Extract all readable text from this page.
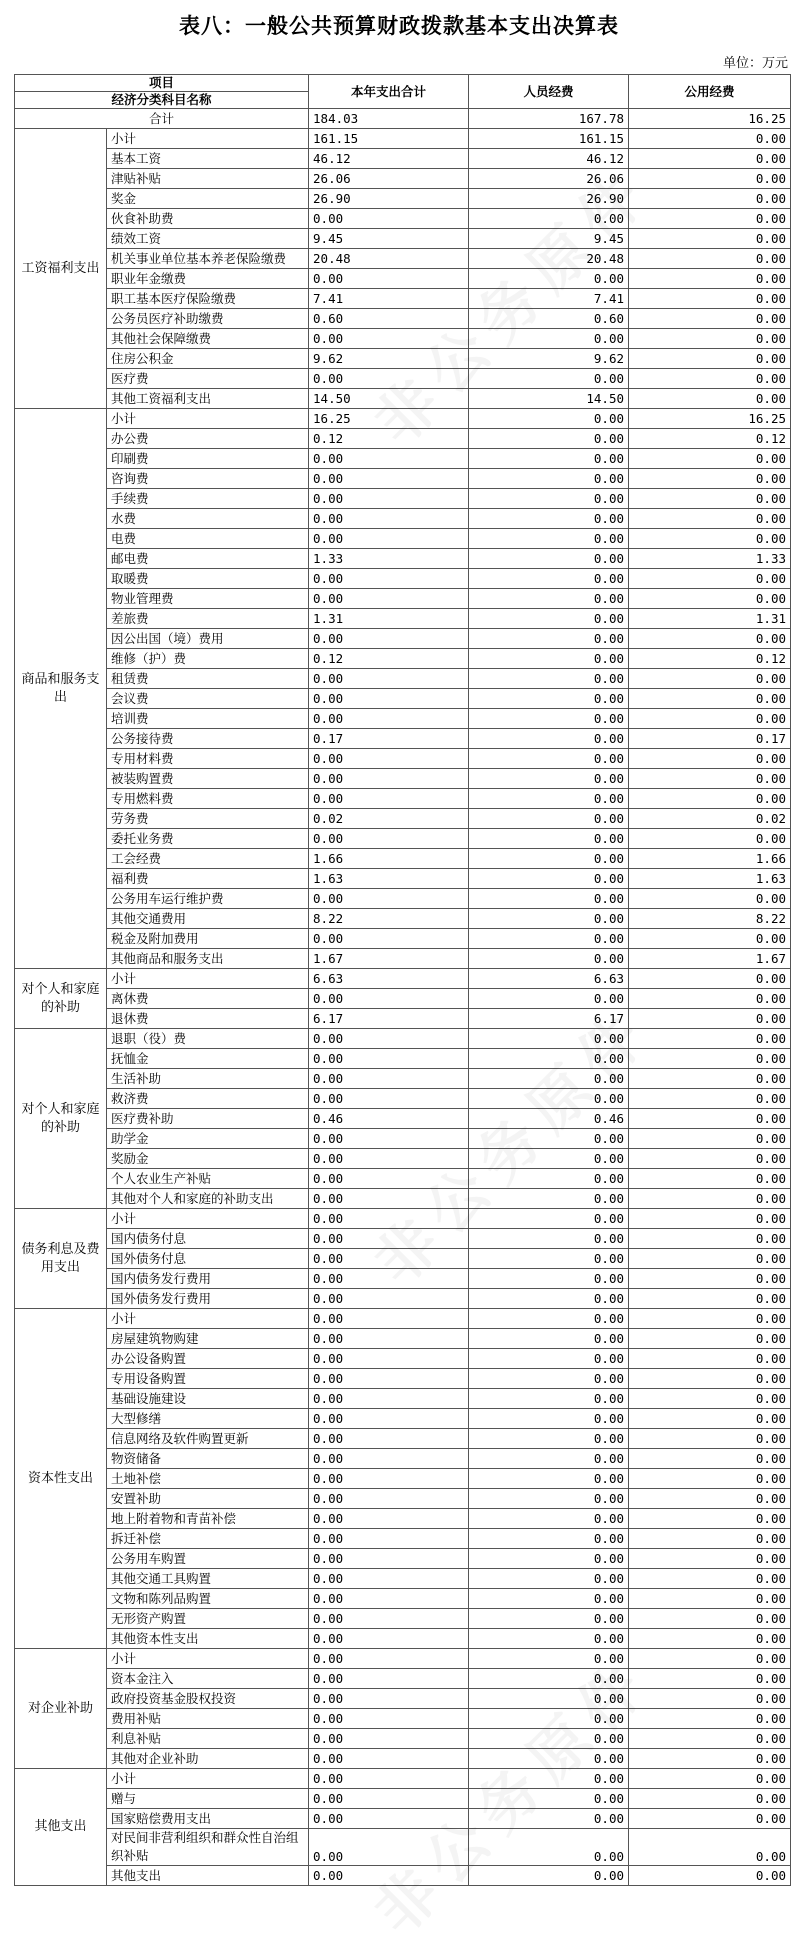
表八：一般公共预算财政拨款基本支出决算表
单位：万元
项目		本年支出合计	人员经费	公用经费
经济分类科目名称				
合计		184.03	167.78	16.25
工资福利支出	小计	161.15	161.15	0.00
	基本工资	46.12	46.12	0.00
	津贴补贴	26.06	26.06	0.00
	奖金	26.90	26.90	0.00
	伙食补助费	0.00	0.00	0.00
	绩效工资	9.45	9.45	0.00
	机关事业单位基本养老保险缴费	20.48	20.48	0.00
	职业年金缴费	0.00	0.00	0.00
	职工基本医疗保险缴费	7.41	7.41	0.00
	公务员医疗补助缴费	0.60	0.60	0.00
	其他社会保障缴费	0.00	0.00	0.00
	住房公积金	9.62	9.62	0.00
	医疗费	0.00	0.00	0.00
	其他工资福利支出	14.50	14.50	0.00
商品和服务支出	小计	16.25	0.00	16.25
	办公费	0.12	0.00	0.12
	印刷费	0.00	0.00	0.00
	咨询费	0.00	0.00	0.00
	手续费	0.00	0.00	0.00
	水费	0.00	0.00	0.00
	电费	0.00	0.00	0.00
	邮电费	1.33	0.00	1.33
	取暖费	0.00	0.00	0.00
	物业管理费	0.00	0.00	0.00
	差旅费	1.31	0.00	1.31
	因公出国（境）费用	0.00	0.00	0.00
	维修（护）费	0.12	0.00	0.12
	租赁费	0.00	0.00	0.00
	会议费	0.00	0.00	0.00
	培训费	0.00	0.00	0.00
	公务接待费	0.17	0.00	0.17
	专用材料费	0.00	0.00	0.00
	被装购置费	0.00	0.00	0.00
	专用燃料费	0.00	0.00	0.00
	劳务费	0.02	0.00	0.02
	委托业务费	0.00	0.00	0.00
	工会经费	1.66	0.00	1.66
	福利费	1.63	0.00	1.63
	公务用车运行维护费	0.00	0.00	0.00
	其他交通费用	8.22	0.00	8.22
	税金及附加费用	0.00	0.00	0.00
	其他商品和服务支出	1.67	0.00	1.67
对个人和家庭的补助	小计	6.63	6.63	0.00
	离休费	0.00	0.00	0.00
	退休费	6.17	6.17	0.00
对个人和家庭的补助	退职（役）费	0.00	0.00	0.00
	抚恤金	0.00	0.00	0.00
	生活补助	0.00	0.00	0.00
	救济费	0.00	0.00	0.00
	医疗费补助	0.46	0.46	0.00
	助学金	0.00	0.00	0.00
	奖励金	0.00	0.00	0.00
	个人农业生产补贴	0.00	0.00	0.00
	其他对个人和家庭的补助支出	0.00	0.00	0.00
债务利息及费用支出	小计	0.00	0.00	0.00
	国内债务付息	0.00	0.00	0.00
	国外债务付息	0.00	0.00	0.00
	国内债务发行费用	0.00	0.00	0.00
	国外债务发行费用	0.00	0.00	0.00
资本性支出	小计	0.00	0.00	0.00
	房屋建筑物购建	0.00	0.00	0.00
	办公设备购置	0.00	0.00	0.00
	专用设备购置	0.00	0.00	0.00
	基础设施建设	0.00	0.00	0.00
	大型修缮	0.00	0.00	0.00
	信息网络及软件购置更新	0.00	0.00	0.00
	物资储备	0.00	0.00	0.00
	土地补偿	0.00	0.00	0.00
	安置补助	0.00	0.00	0.00
	地上附着物和青苗补偿	0.00	0.00	0.00
	拆迁补偿	0.00	0.00	0.00
	公务用车购置	0.00	0.00	0.00
	其他交通工具购置	0.00	0.00	0.00
	文物和陈列品购置	0.00	0.00	0.00
	无形资产购置	0.00	0.00	0.00
	其他资本性支出	0.00	0.00	0.00
对企业补助	小计	0.00	0.00	0.00
	资本金注入	0.00	0.00	0.00
	政府投资基金股权投资	0.00	0.00	0.00
	费用补贴	0.00	0.00	0.00
	利息补贴	0.00	0.00	0.00
	其他对企业补助	0.00	0.00	0.00
其他支出	小计	0.00	0.00	0.00
	赠与	0.00	0.00	0.00
	国家赔偿费用支出	0.00	0.00	0.00
	对民间非营利组织和群众性自治组织补贴	0.00	0.00	0.00
	其他支出	0.00	0.00	0.00
